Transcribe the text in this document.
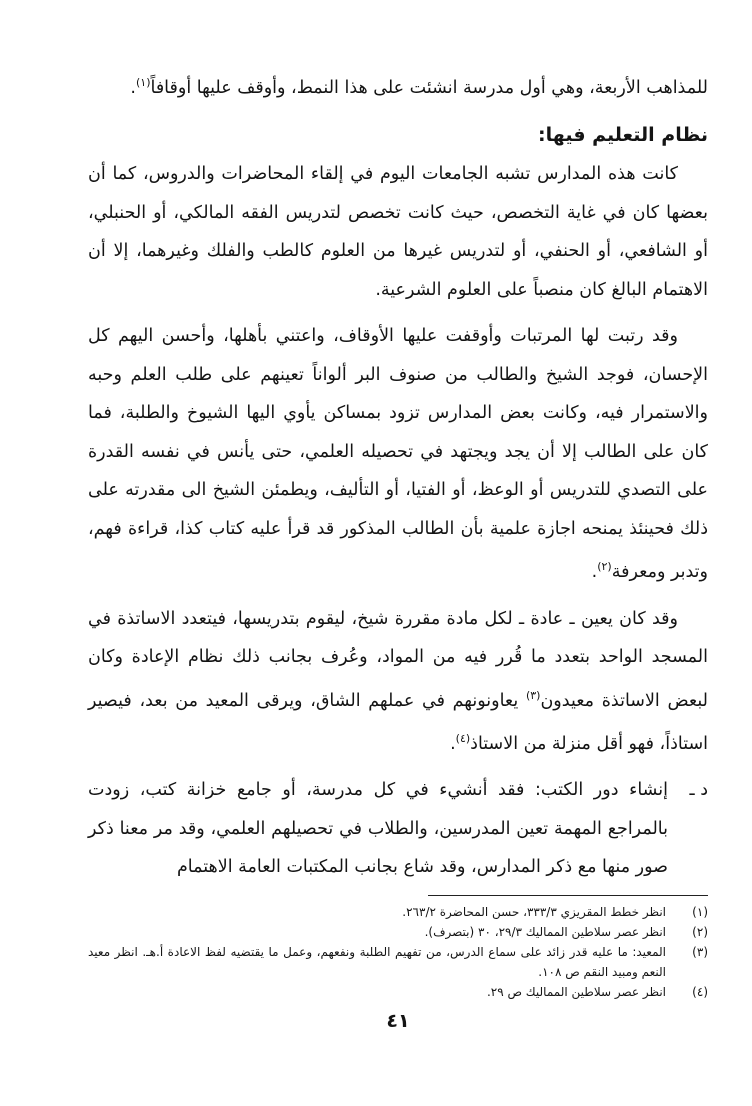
للمذاهب الأربعة، وهي أول مدرسة انشئت على هذا النمط، وأوقف عليها أوقافاً$^{(١)}$.

نظام التعليم فيها:

كانت هذه المدارس تشبه الجامعات اليوم في إلقاء المحاضرات والدروس، كما أن بعضها كان في غاية التخصص، حيث كانت تخصص لتدريس الفقه المالكي، أو الحنبلي، أو الشافعي، أو الحنفي، أو لتدريس غيرها من العلوم كالطب والفلك وغيرهما، إلا أن الاهتمام البالغ كان منصباً على العلوم الشرعية.

وقد رتبت لها المرتبات وأوقفت عليها الأوقاف، واعتني بأهلها، وأحسن اليهم كل الإحسان، فوجد الشيخ والطالب من صنوف البر ألواناً تعينهم على طلب العلم وحبه والاستمرار فيه، وكانت بعض المدارس تزود بمساكن يأوي اليها الشيوخ والطلبة، فما كان على الطالب إلا أن يجد ويجتهد في تحصيله العلمي، حتى يأنس في نفسه القدرة على التصدي للتدريس أو الوعظ، أو الفتيا، أو التأليف، ويطمئن الشيخ الى مقدرته على ذلك فحينئذ يمنحه اجازة علمية بأن الطالب المذكور قد قرأ عليه كتاب كذا، قراءة فهم، وتدبر ومعرفة$^{(٢)}$.

وقد كان يعين ـ عادة ـ لكل مادة مقررة شيخ، ليقوم بتدريسها، فيتعدد الاساتذة في المسجد الواحد بتعدد ما قُرر فيه من المواد، وعُرف بجانب ذلك نظام الإعادة وكان لبعض الاساتذة معيدون$^{(٣)}$ يعاونونهم في عملهم الشاق، ويرقى المعيد من بعد، فيصير استاذاً، فهو أقل منزلة من الاستاذ$^{(٤)}$.

د ـ

إنشاء دور الكتب: فقد أنشيء في كل مدرسة، أو جامع خزانة كتب، زودت بالمراجع المهمة تعين المدرسين، والطلاب في تحصيلهم العلمي، وقد مر معنا ذكر صور منها مع ذكر المدارس، وقد شاع بجانب المكتبات العامة الاهتمام

(١)
انظر خطط المقريزي ٣٣٣/٣، حسن المحاضرة ٢٦٣/٢.
(٢)
انظر عصر سلاطين المماليك ٢٩/٣، ٣٠ (بتصرف).
(٣)
المعيد: ما عليه قدر زائد على سماع الدرس، من تفهيم الطلبة ونفعهم، وعمل ما يقتضيه لفظ الاعادة أ.هـ. انظر معيد النعم ومبيد النقم ص ١٠٨.
(٤)
انظر عصر سلاطين المماليك ص ٢٩.
٤١
